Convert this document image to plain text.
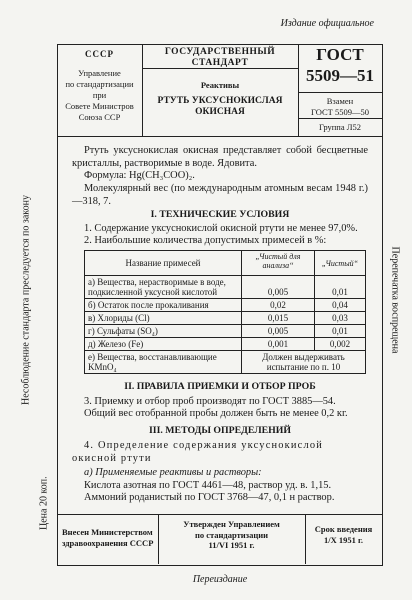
Издание официальное
Переиздание
Несоблюдение стандарта преследуется по закону
Цена 20 коп.
Перепечатка воспрещена
СССР
Управление
по стандартизации
при
Совете Министров
Союза ССР
ГОСУДАРСТВЕННЫЙ
СТАНДАРТ
Реактивы
РТУТЬ УКСУСНОКИСЛАЯ
ОКИСНАЯ
ГОСТ
5509—51
Взамен
ГОСТ 5509—50
Группа Л52
Ртуть уксуснокислая окисная представляет собой бесцветные кристаллы, растворимые в воде. Ядовита.
Формула: Hg(CH₃COO)₂.
Молекулярный вес (по международным атомным весам 1948 г.)—318, 7.
I. ТЕХНИЧЕСКИЕ УСЛОВИЯ
1. Содержание уксуснокислой окисной ртути не менее 97,0%.
2. Наибольшие количества допустимых примесей в %:
Название примесей	„Чистый для анализа“	„Чистый“
а) Вещества, нерастворимые в воде, подкисленной уксусной кислотой	0,005	0,01
б) Остаток после прокаливания	0,02	0,04
в) Хлориды (Cl)	0,015	0,03
г) Сульфаты (SO₄)	0,005	0,01
д) Железо (Fe)	0,001	0,002
е) Вещества, восстанавливающие KMnO₄	Должен выдерживать испытание по п. 10	
II. ПРАВИЛА ПРИЕМКИ И ОТБОР ПРОБ
3. Приемку и отбор проб производят по ГОСТ 3885—54.
Общий вес отобранной пробы должен быть не менее 0,2 кг.
III. МЕТОДЫ ОПРЕДЕЛЕНИЙ
4. Определение содержания уксуснокислой окисной ртути
а) Применяемые реактивы и растворы:
Кислота азотная по ГОСТ 4461—48, раствор уд. в. 1,15.
Аммоний роданистый по ГОСТ 3768—47, 0,1 н раствор.
Внесен Министерством
здравоохранения СССР
Утвержден Управлением
по стандартизации
11/VI 1951 г.
Срок введения
1/X 1951 г.
